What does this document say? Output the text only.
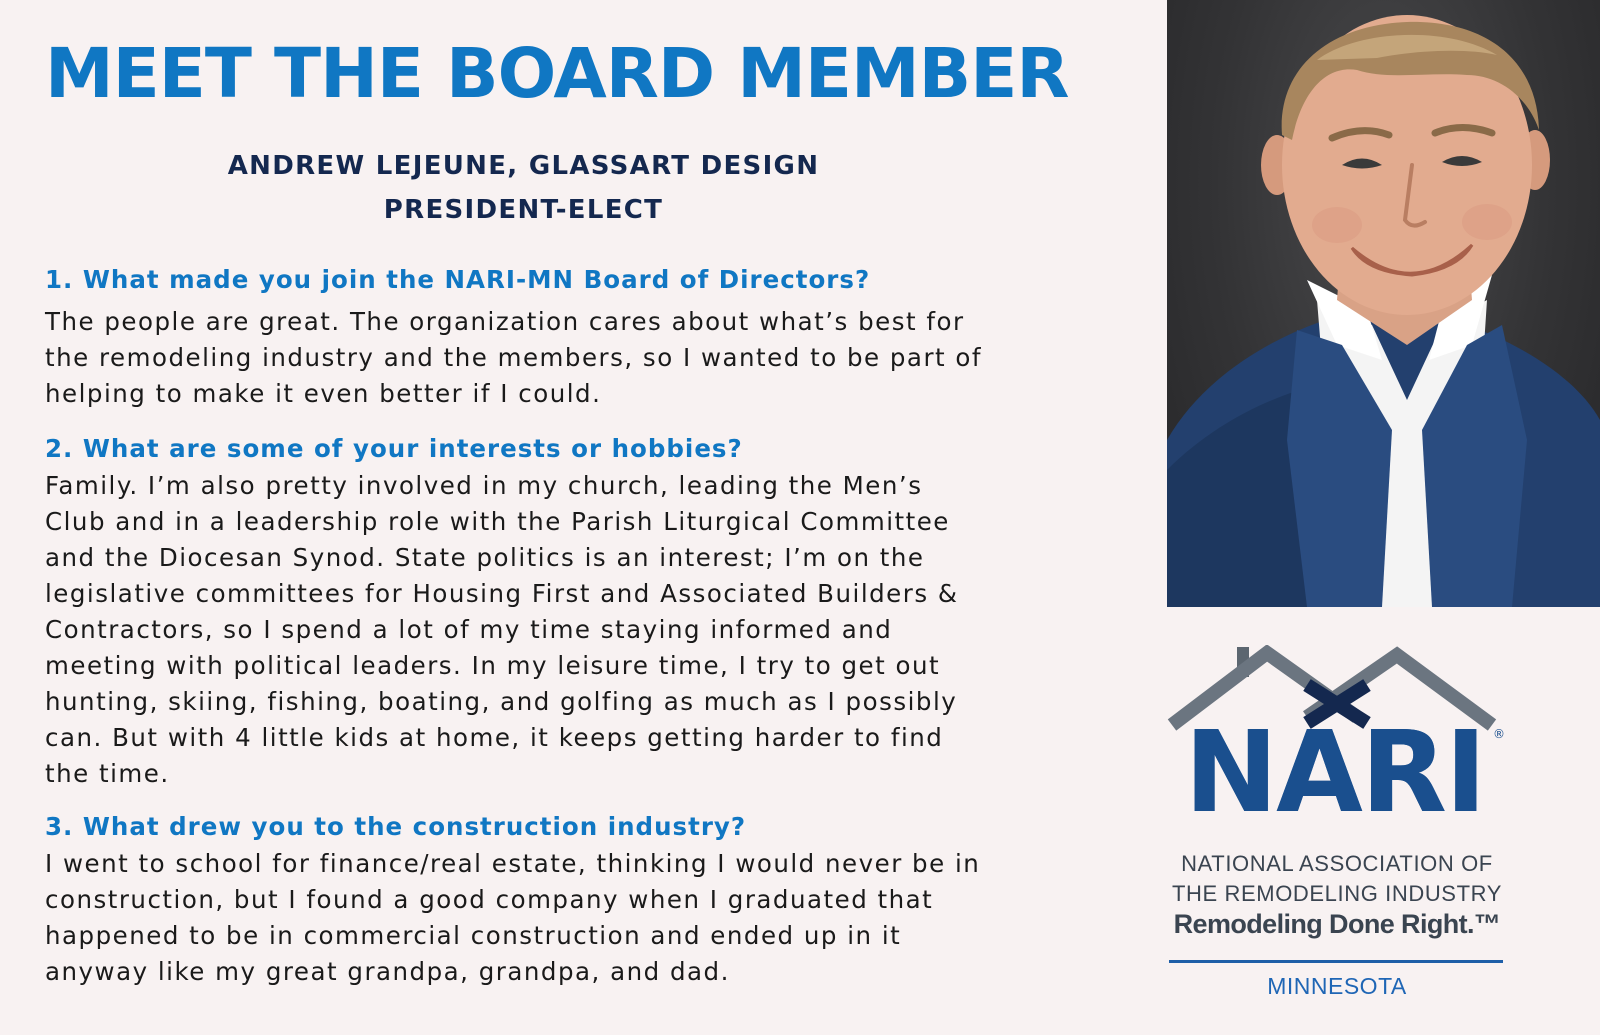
MEET THE BOARD MEMBER
ANDREW LEJEUNE, GLASSART DESIGN
PRESIDENT-ELECT
1. What made you join the NARI-MN Board of Directors?
The people are great. The organization cares about what’s best for
the remodeling industry and the members, so I wanted to be part of
helping to make it even better if I could.
2. What are some of your interests or hobbies?
Family. I’m also pretty involved in my church, leading the Men’s
Club and in a leadership role with the Parish Liturgical Committee
and the Diocesan Synod. State politics is an interest; I’m on the
legislative committees for Housing First and Associated Builders &
Contractors, so I spend a lot of my time staying informed and
meeting with political leaders. In my leisure time, I try to get out
hunting, skiing, fishing, boating, and golfing as much as I possibly
can. But with 4 little kids at home, it keeps getting harder to find
the time.
3. What drew you to the construction industry?
I went to school for finance/real estate, thinking I would never be in
construction, but I found a good company when I graduated that
happened to be in commercial construction and ended up in it
anyway like my great grandpa, grandpa, and dad.
NARI ®
NATIONAL ASSOCIATION OF
THE REMODELING INDUSTRY
Remodeling Done Right.™
MINNESOTA
